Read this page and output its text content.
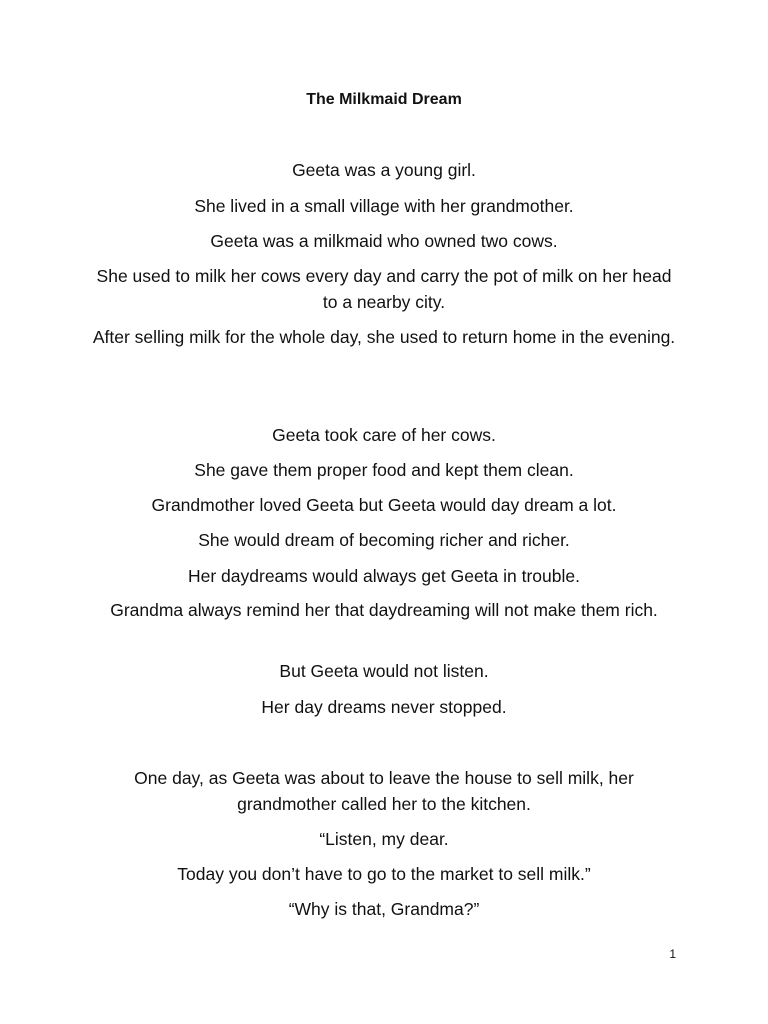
The Milkmaid Dream

Geeta was a young girl.

She lived in a small village with her grandmother.

Geeta was a milkmaid who owned two cows.

She used to milk her cows every day and carry the pot of milk on her head to a nearby city.

After selling milk for the whole day, she used to return home in the evening.

Geeta took care of her cows.

She gave them proper food and kept them clean.

Grandmother loved Geeta but Geeta would day dream a lot.

She would dream of becoming richer and richer.

Her daydreams would always get Geeta in trouble.

Grandma always remind her that daydreaming will not make them rich.

But Geeta would not listen.

Her day dreams never stopped.

One day, as Geeta was about to leave the house to sell milk, her grandmother called her to the kitchen.

“Listen, my dear.

Today you don’t have to go to the market to sell milk.”

“Why is that, Grandma?”

1
